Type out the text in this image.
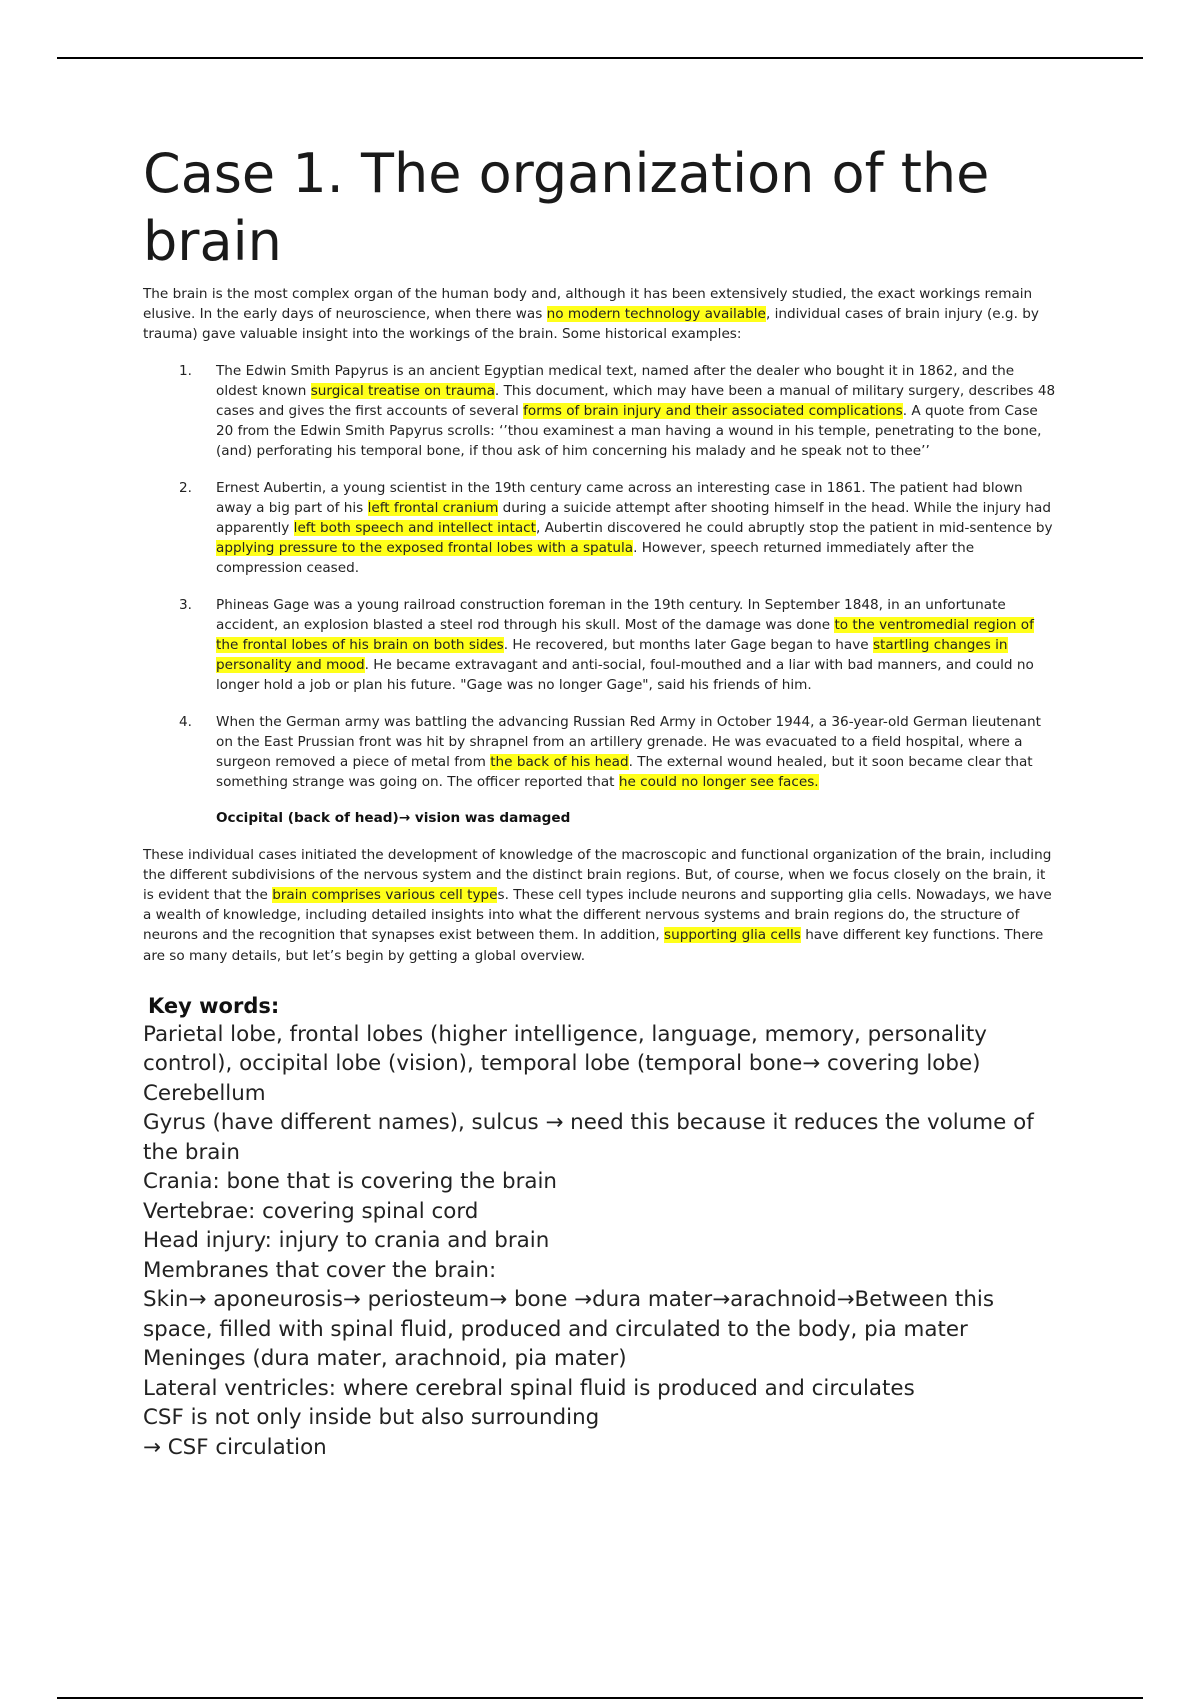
Case 1. The organization of the brain

The brain is the most complex organ of the human body and, although it has been extensively studied, the exact workings remain elusive. In the early days of neuroscience, when there was no modern technology available, individual cases of brain injury (e.g. by trauma) gave valuable insight into the workings of the brain. Some historical examples:

1. The Edwin Smith Papyrus is an ancient Egyptian medical text, named after the dealer who bought it in 1862, and the oldest known surgical treatise on trauma. This document, which may have been a manual of military surgery, describes 48 cases and gives the first accounts of several forms of brain injury and their associated complications. A quote from Case 20 from the Edwin Smith Papyrus scrolls: ‘’thou examinest a man having a wound in his temple, penetrating to the bone, (and) perforating his temporal bone, if thou ask of him concerning his malady and he speak not to thee’’
2. Ernest Aubertin, a young scientist in the 19th century came across an interesting case in 1861. The patient had blown away a big part of his left frontal cranium during a suicide attempt after shooting himself in the head. While the injury had apparently left both speech and intellect intact, Aubertin discovered he could abruptly stop the patient in mid-sentence by applying pressure to the exposed frontal lobes with a spatula. However, speech returned immediately after the compression ceased.
3. Phineas Gage was a young railroad construction foreman in the 19th century. In September 1848, in an unfortunate accident, an explosion blasted a steel rod through his skull. Most of the damage was done to the ventromedial region of the frontal lobes of his brain on both sides. He recovered, but months later Gage began to have startling changes in personality and mood. He became extravagant and anti-social, foul-mouthed and a liar with bad manners, and could no longer hold a job or plan his future. "Gage was no longer Gage", said his friends of him.
4. When the German army was battling the advancing Russian Red Army in October 1944, a 36-year-old German lieutenant on the East Prussian front was hit by shrapnel from an artillery grenade. He was evacuated to a field hospital, where a surgeon removed a piece of metal from the back of his head. The external wound healed, but it soon became clear that something strange was going on. The officer reported that he could no longer see faces.

Occipital (back of head)→ vision was damaged

These individual cases initiated the development of knowledge of the macroscopic and functional organization of the brain, including the different subdivisions of the nervous system and the distinct brain regions. But, of course, when we focus closely on the brain, it is evident that the brain comprises various cell types. These cell types include neurons and supporting glia cells. Nowadays, we have a wealth of knowledge, including detailed insights into what the different nervous systems and brain regions do, the structure of neurons and the recognition that synapses exist between them. In addition, supporting glia cells have different key functions. There are so many details, but let’s begin by getting a global overview.

Key words:

Parietal lobe, frontal lobes (higher intelligence, language, memory, personality control), occipital lobe (vision), temporal lobe (temporal bone→ covering lobe)

Cerebellum

Gyrus (have different names), sulcus → need this because it reduces the volume of the brain

Crania: bone that is covering the brain

Vertebrae: covering spinal cord

Head injury: injury to crania and brain

Membranes that cover the brain:

Skin→ aponeurosis→ periosteum→ bone →dura mater→arachnoid→Between this space, filled with spinal fluid, produced and circulated to the body, pia mater

Meninges (dura mater, arachnoid, pia mater)

Lateral ventricles: where cerebral spinal fluid is produced and circulates

CSF is not only inside but also surrounding

→ CSF circulation
